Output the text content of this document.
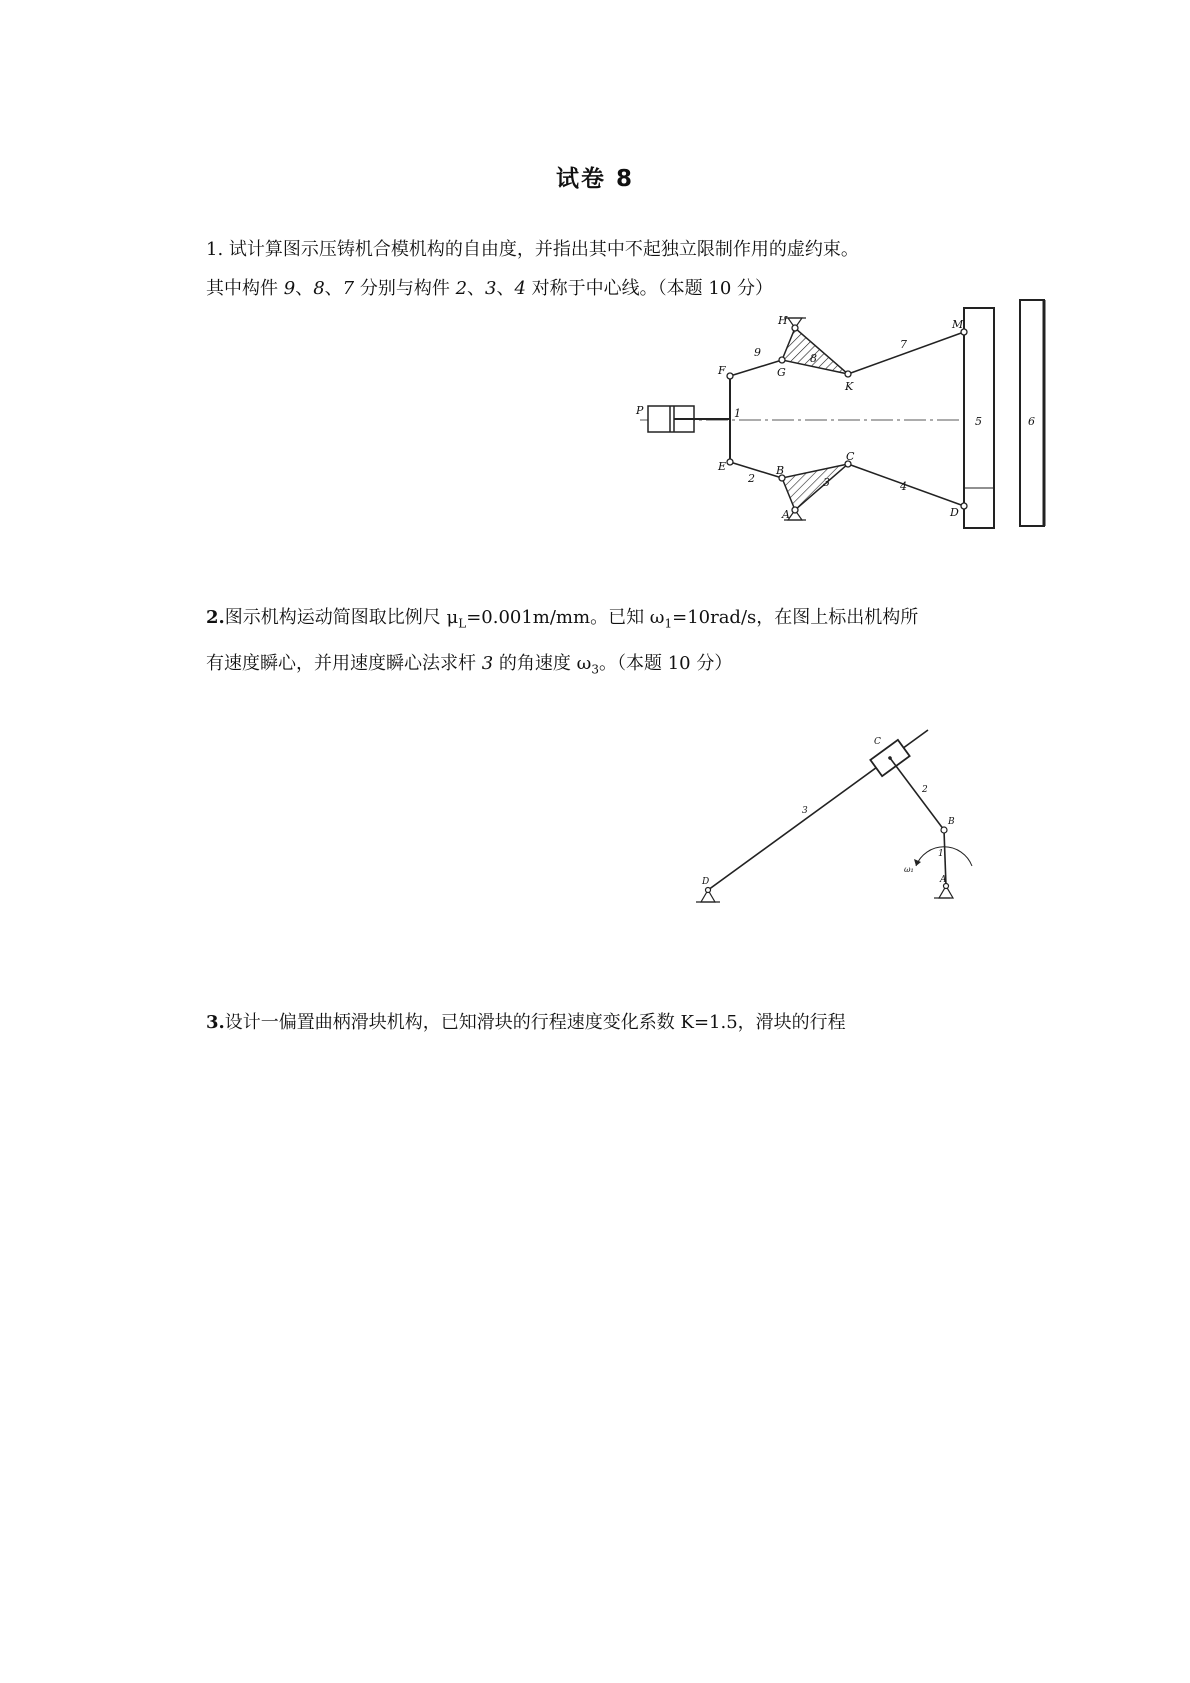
试卷 8
1. 试计算图示压铸机合模机构的自由度，并指出其中不起独立限制作用的虚约束。
其中构件 9、8、7 分别与构件 2、3、4 对称于中心线。（本题 10 分）
H	M
G
K
F
P	1
E	B
C
A	D
9	8
7
2	3	4
5	6
2.图示机构运动简图取比例尺 $\mu_L=0.001m/mm$。已知 $\omega_1=10rad/s$，在图上标出机构所
有速度瞬心，并用速度瞬心法求杆 3 的角速度 $\omega_3$。（本题 10 分）
C
2
3
B
1
ω₁
D	A
3.设计一偏置曲柄滑块机构，已知滑块的行程速度变化系数 K=1.5，滑块的行程
